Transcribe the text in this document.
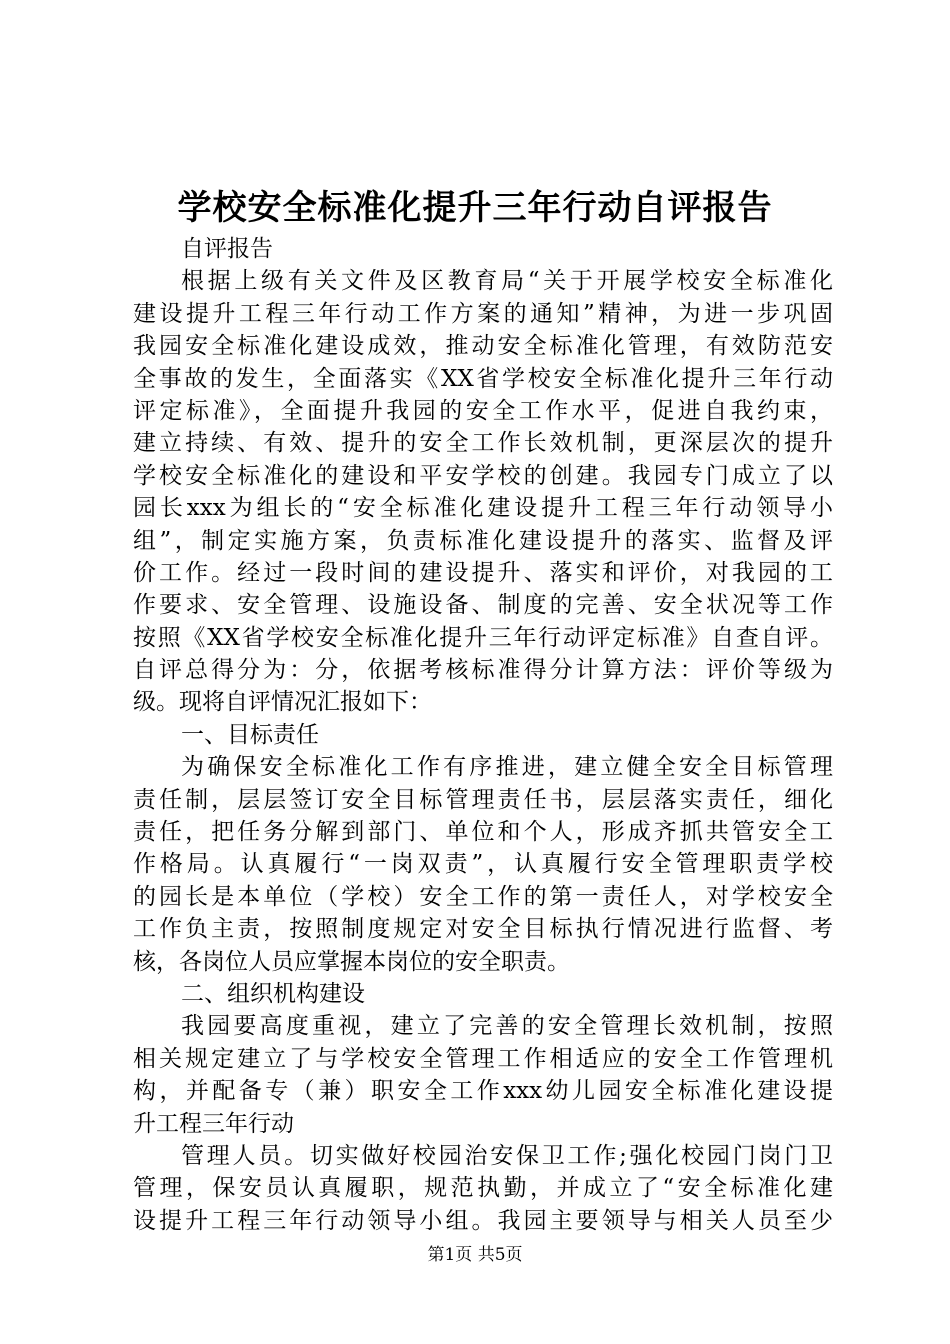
学校安全标准化提升三年行动自评报告
自评报告
根据上级有关文件及区教育局“关于开展学校安全标准化
建设提升工程三年行动工作方案的通知”精神，为进一步巩固
我园安全标准化建设成效，推动安全标准化管理，有效防范安
全事故的发生，全面落实《XX省学校安全标准化提升三年行动
评定标准》，全面提升我园的安全工作水平，促进自我约束，
建立持续、有效、提升的安全工作长效机制，更深层次的提升
学校安全标准化的建设和平安学校的创建。我园专门成立了以
园长xxx为组长的“安全标准化建设提升工程三年行动领导小
组”，制定实施方案，负责标准化建设提升的落实、监督及评
价工作。经过一段时间的建设提升、落实和评价，对我园的工
作要求、安全管理、设施设备、制度的完善、安全状况等工作
按照《XX省学校安全标准化提升三年行动评定标准》自查自评。
自评总得分为：分，依据考核标准得分计算方法：评价等级为
级。现将自评情况汇报如下：
一、目标责任
为确保安全标准化工作有序推进，建立健全安全目标管理
责任制，层层签订安全目标管理责任书，层层落实责任，细化
责任，把任务分解到部门、单位和个人，形成齐抓共管安全工
作格局。认真履行“一岗双责”，认真履行安全管理职责学校
的园长是本单位（学校）安全工作的第一责任人，对学校安全
工作负主责，按照制度规定对安全目标执行情况进行监督、考
核，各岗位人员应掌握本岗位的安全职责。
二、组织机构建设
我园要高度重视，建立了完善的安全管理长效机制，按照
相关规定建立了与学校安全管理工作相适应的安全工作管理机
构，并配备专（兼）职安全工作xxx幼儿园安全标准化建设提
升工程三年行动
管理人员。切实做好校园治安保卫工作;强化校园门岗门卫
管理，保安员认真履职，规范执勤，并成立了“安全标准化建
设提升工程三年行动领导小组。我园主要领导与相关人员至少
第1页 共5页
